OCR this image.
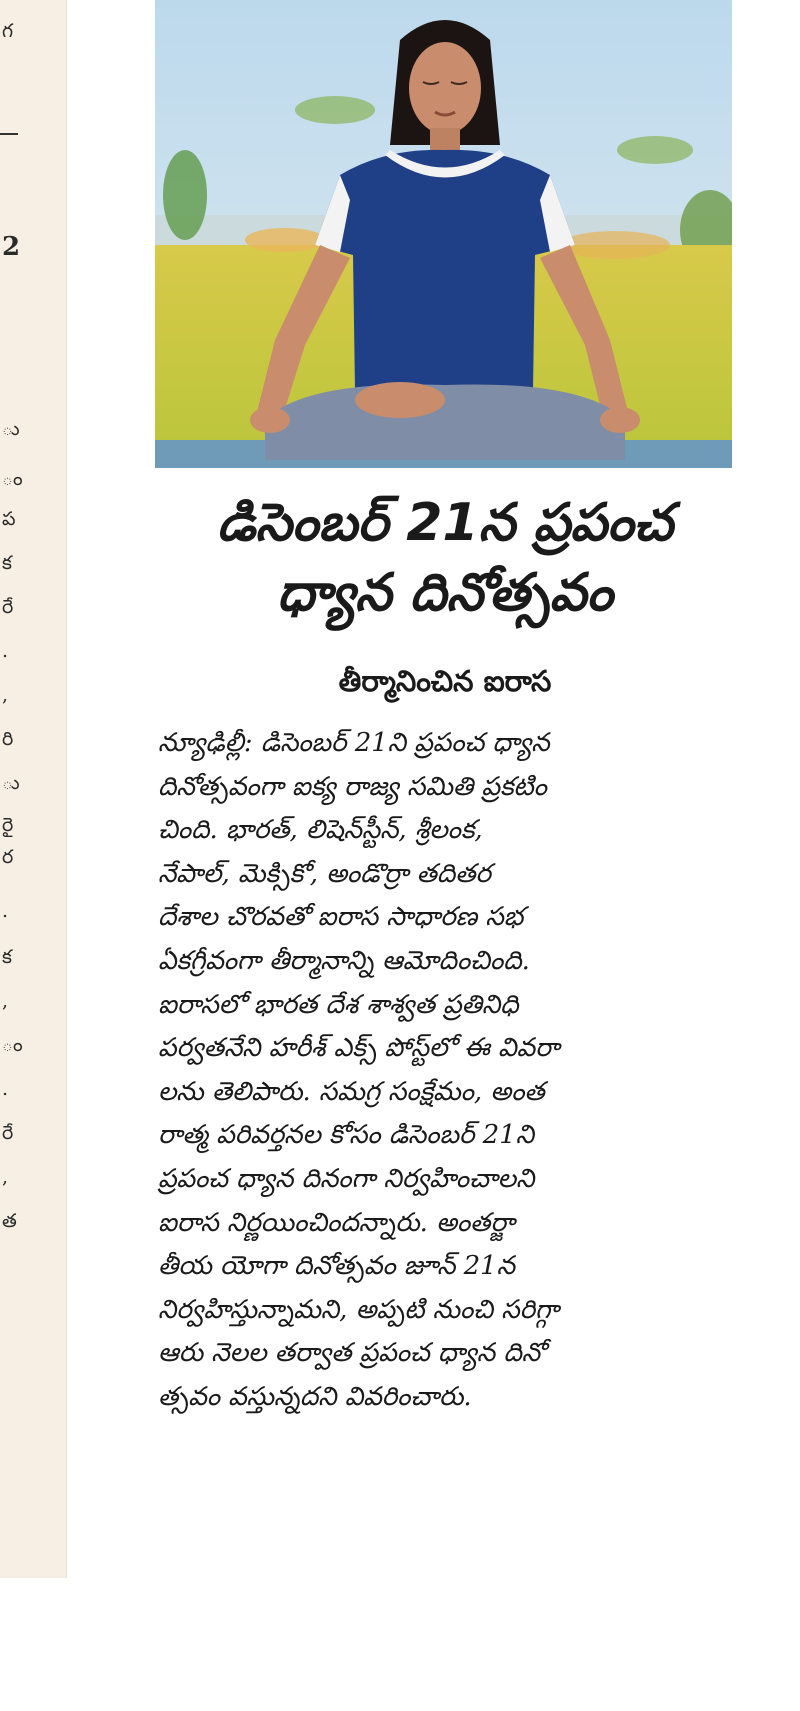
గ
2
ు
ం
ప
క
రే
.
,
రి
ు
రై
ర
.
క
,
ం
.
రే
,
త
డిసెంబర్ 21న ప్రపంచ
ధ్యాన దినోత్సవం
తీర్మానించిన ఐరాస
న్యూఢిల్లీ: డిసెంబర్ 21ని ప్రపంచ ధ్యాన
దినోత్సవంగా ఐక్య రాజ్య సమితి ప్రకటిం
చింది. భారత్, లిషెన్‌స్టీన్, శ్రీలంక,
నేపాల్, మెక్సికో, అండొర్రా తదితర
దేశాల చొరవతో ఐరాస సాధారణ సభ
ఏకగ్రీవంగా తీర్మానాన్ని ఆమోదించింది.
ఐరాసలో భారత దేశ శాశ్వత ప్రతినిధి
పర్వతనేని హరీశ్ ఎక్స్ పోస్ట్‌లో ఈ వివరా
లను తెలిపారు. సమగ్ర సంక్షేమం, అంత
రాత్మ పరివర్తనల కోసం డిసెంబర్ 21ని
ప్రపంచ ధ్యాన దినంగా నిర్వహించాలని
ఐరాస నిర్ణయించిందన్నారు. అంతర్జా
తీయ యోగా దినోత్సవం జూన్ 21న
నిర్వహిస్తున్నామని, అప్పటి నుంచి సరిగ్గా
ఆరు నెలల తర్వాత ప్రపంచ ధ్యాన దినో
త్సవం వస్తున్నదని వివరించారు.
